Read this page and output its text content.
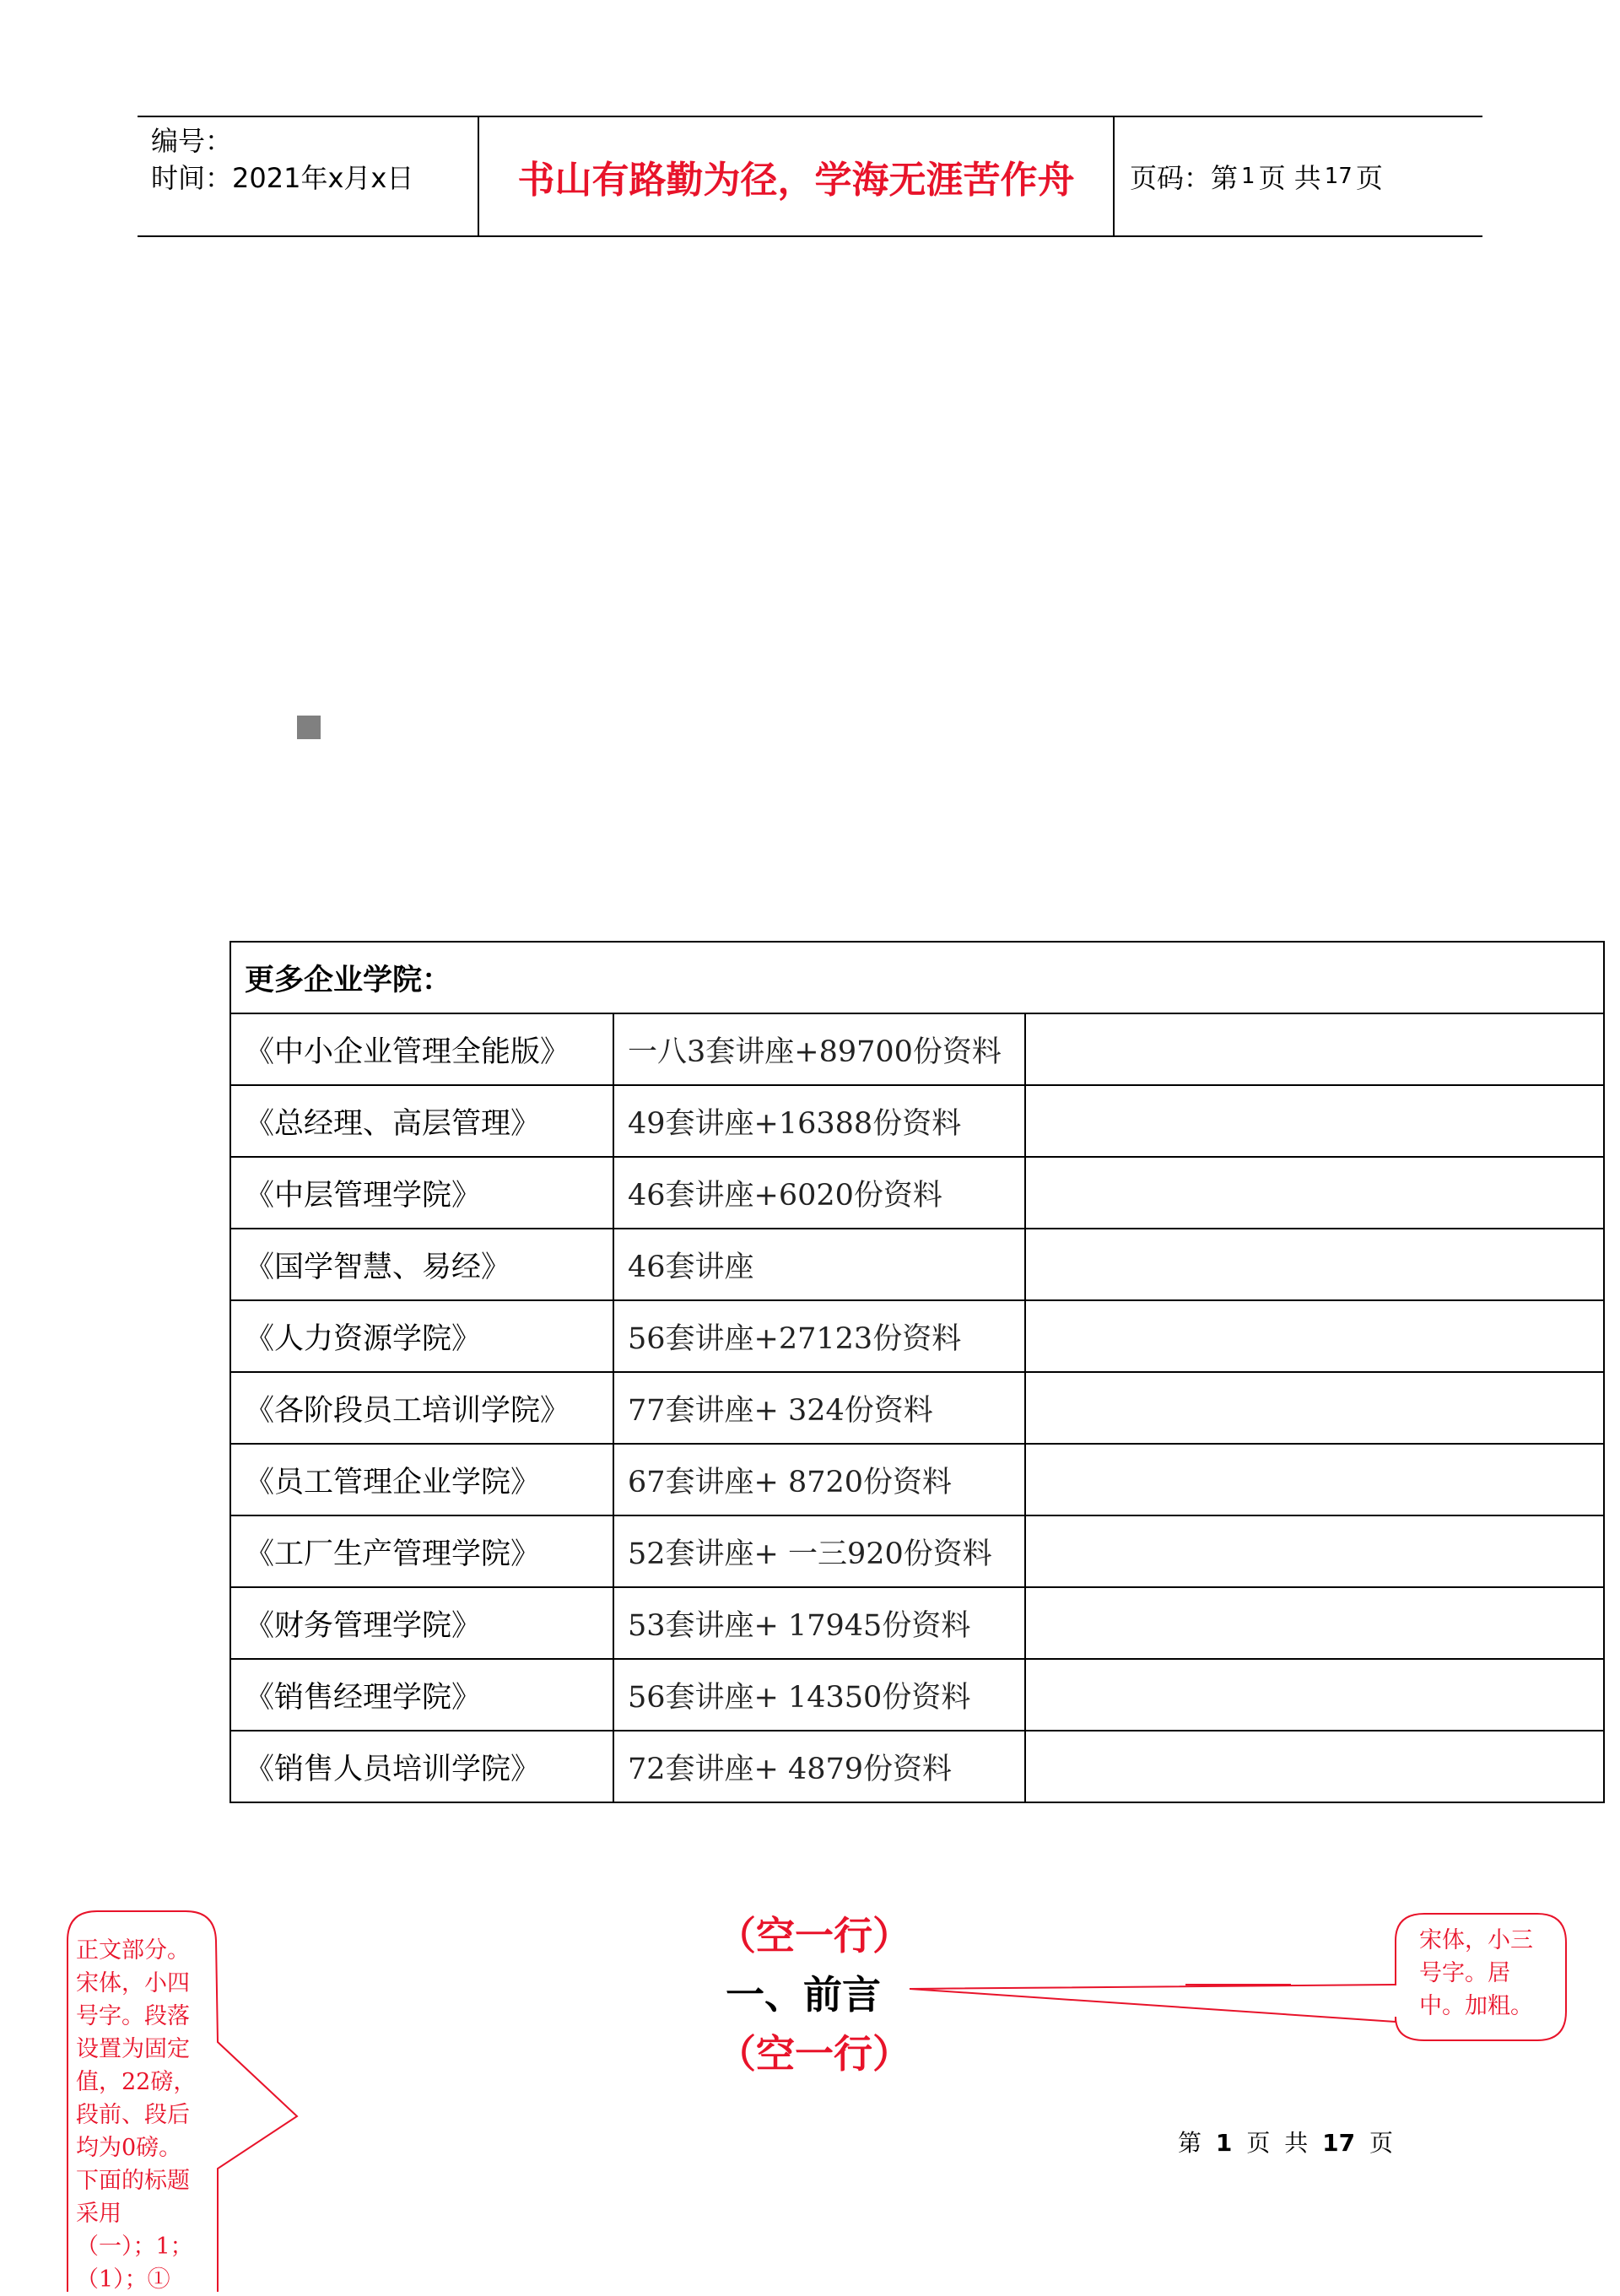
编号：
时间：2021年x月x日	书山有路勤为径，学海无涯苦作舟	页码：第 1 页 共 17 页
更多企业学院：		
《中小企业管理全能版》	一八3套讲座+89700份资料	
《总经理、高层管理》	49套讲座+16388份资料	
《中层管理学院》	46套讲座+6020份资料	
《国学智慧、易经》	46套讲座	
《人力资源学院》	56套讲座+27123份资料	
《各阶段员工培训学院》	77套讲座+ 324份资料	
《员工管理企业学院》	67套讲座+ 8720份资料	
《工厂生产管理学院》	52套讲座+ 一三920份资料	
《财务管理学院》	53套讲座+ 17945份资料	
《销售经理学院》	56套讲座+ 14350份资料	
《销售人员培训学院》	72套讲座+ 4879份资料	
正文部分。宋体，小四号字。段落设置为固定值，22磅，段前、段后均为0磅。下面的标题采用（一）；1；（1）；①
宋体，小三号字。居中。加粗。
（空一行）
一、前言
（空一行）
第 1 页 共 17 页
